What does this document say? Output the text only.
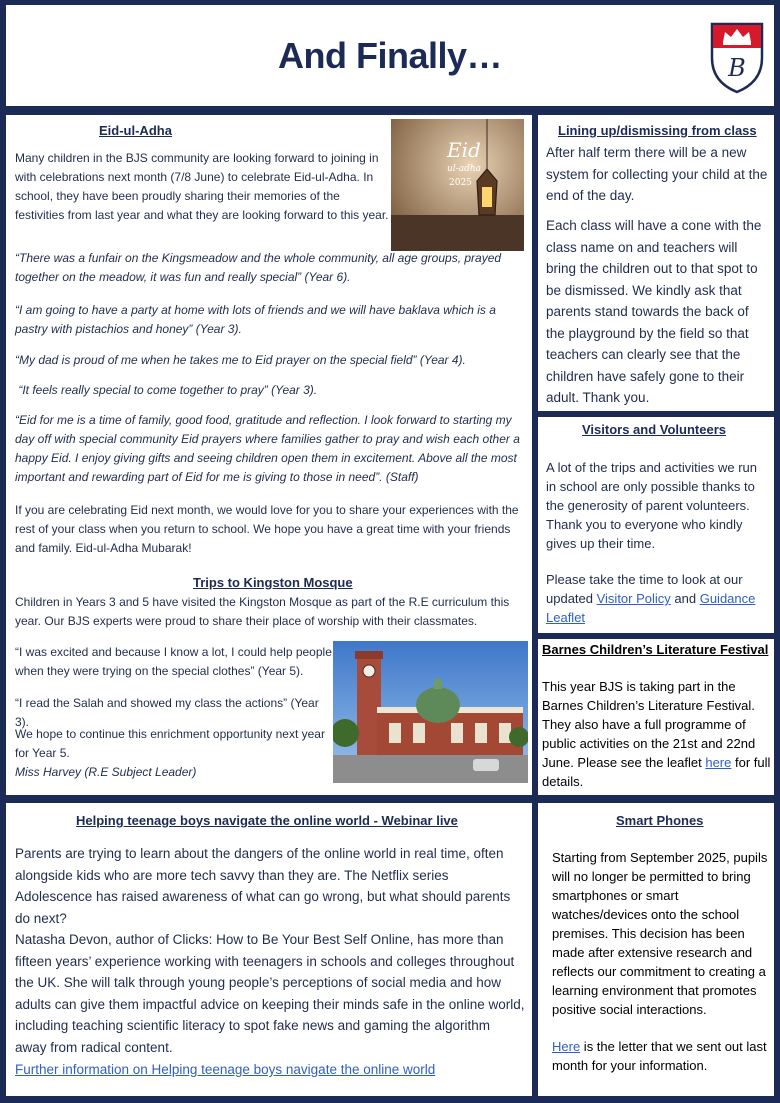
And Finally…	B
Eid-ul-Adha

Many children in the BJS community are looking forward to joining in with celebrations next month (7/8 June) to celebrate Eid-ul-Adha. In school, they have been proudly sharing their memories of the festivities from last year and what they are looking forward to this year.

Eid
ul-adha
2025

“There was a funfair on the Kingsmeadow and the whole community, all age groups, prayed together on the meadow, it was fun and really special” (Year 6).

“I am going to have a party at home with lots of friends and we will have baklava which is a pastry with pistachios and honey” (Year 3).

“My dad is proud of me when he takes me to Eid prayer on the special field” (Year 4).

“It feels really special to come together to pray” (Year 3).

“Eid for me is a time of family, good food, gratitude and reflection. I look forward to starting my day off with special community Eid prayers where families gather to pray and wish each other a happy Eid. I enjoy giving gifts and seeing children open them in excitement. Above all the most important and rewarding part of Eid for me is giving to those in need”. (Staff)

If you are celebrating Eid next month, we would love for you to share your experiences with the rest of your class when you return to school. We hope you have a great time with your friends and family. Eid-ul-Adha Mubarak!

Trips to Kingston Mosque

Children in Years 3 and 5 have visited the Kingston Mosque as part of the R.E curriculum this year. Our BJS experts were proud to share their place of worship with their classmates.

“I was excited and because I know a lot, I could help people when they were trying on the special clothes” (Year 5).

“I read the Salah and showed my class the actions” (Year 3).

We hope to continue this enrichment opportunity next year for Year 5.

Miss Harvey (R.E Subject Leader)

Lining up/dismissing from class

After half term there will be a new system for collecting your child at the end of the day.

Each class will have a cone with the class name on and teachers will bring the children out to that spot to be dismissed. We kindly ask that parents stand towards the back of the playground by the field so that teachers can clearly see that the children have safely gone to their adult. Thank you.

Visitors and Volunteers

A lot of the trips and activities we run in school are only possible thanks to the generosity of parent volunteers. Thank you to everyone who kindly gives up their time.

Please take the time to look at our updated Visitor Policy and Guidance Leaflet

Barnes Children’s Literature Festival

This year BJS is taking part in the Barnes Children’s Literature Festival. They also have a full programme of public activities on the 21st and 22nd June. Please see the leaflet here for full details.

Helping teenage boys navigate the online world - Webinar live

Parents are trying to learn about the dangers of the online world in real time, often alongside kids who are more tech savvy than they are. The Netflix series Adolescence has raised awareness of what can go wrong, but what should parents do next?

Natasha Devon, author of Clicks: How to Be Your Best Self Online, has more than fifteen years’ experience working with teenagers in schools and colleges throughout the UK. She will talk through young people’s perceptions of social media and how adults can give them impactful advice on keeping their minds safe in the online world, including teaching scientific literacy to spot fake news and gaming the algorithm away from radical content.

Further information on Helping teenage boys navigate the online world
Smart Phones

Starting from September 2025, pupils will no longer be permitted to bring smartphones or smart watches/devices onto the school premises. This decision has been made after extensive research and reflects our commitment to creating a learning environment that promotes positive social interactions.

Here is the letter that we sent out last month for your information.
